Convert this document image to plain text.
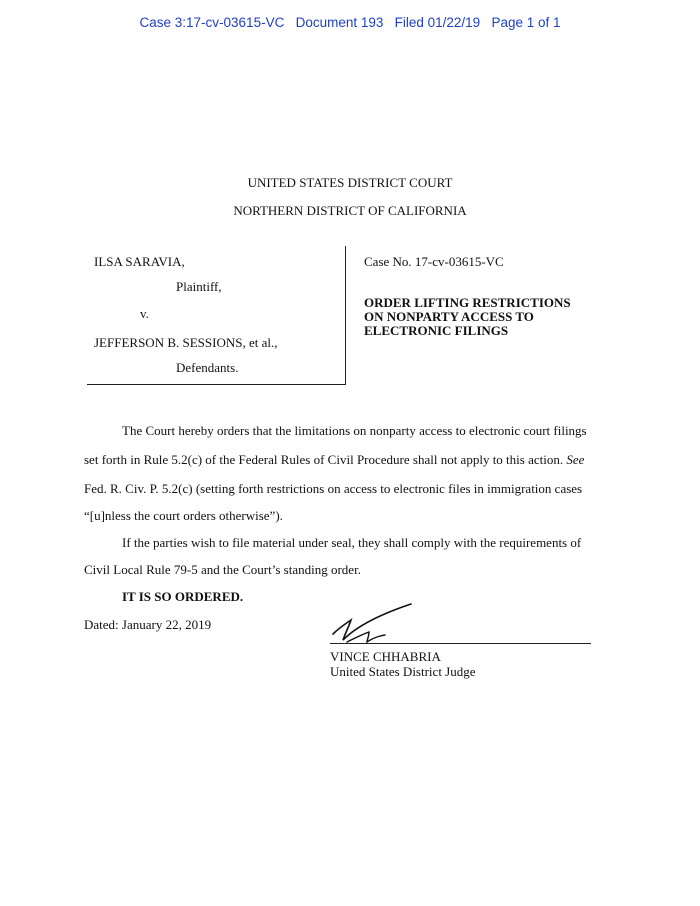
Case 3:17-cv-03615-VC   Document 193   Filed 01/22/19   Page 1 of 1
UNITED STATES DISTRICT COURT
NORTHERN DISTRICT OF CALIFORNIA
ILSA SARAVIA,
Plaintiff,
v.
JEFFERSON B. SESSIONS, et al.,
Defendants.
Case No. 17-cv-03615-VC
ORDER LIFTING RESTRICTIONS
ON NONPARTY ACCESS TO
ELECTRONIC FILINGS
The Court hereby orders that the limitations on nonparty access to electronic court filings
set forth in Rule 5.2(c) of the Federal Rules of Civil Procedure shall not apply to this action. See
Fed. R. Civ. P. 5.2(c) (setting forth restrictions on access to electronic files in immigration cases
“[u]nless the court orders otherwise”).
If the parties wish to file material under seal, they shall comply with the requirements of
Civil Local Rule 79-5 and the Court’s standing order.
IT IS SO ORDERED.
Dated: January 22, 2019
VINCE CHHABRIA
United States District Judge
